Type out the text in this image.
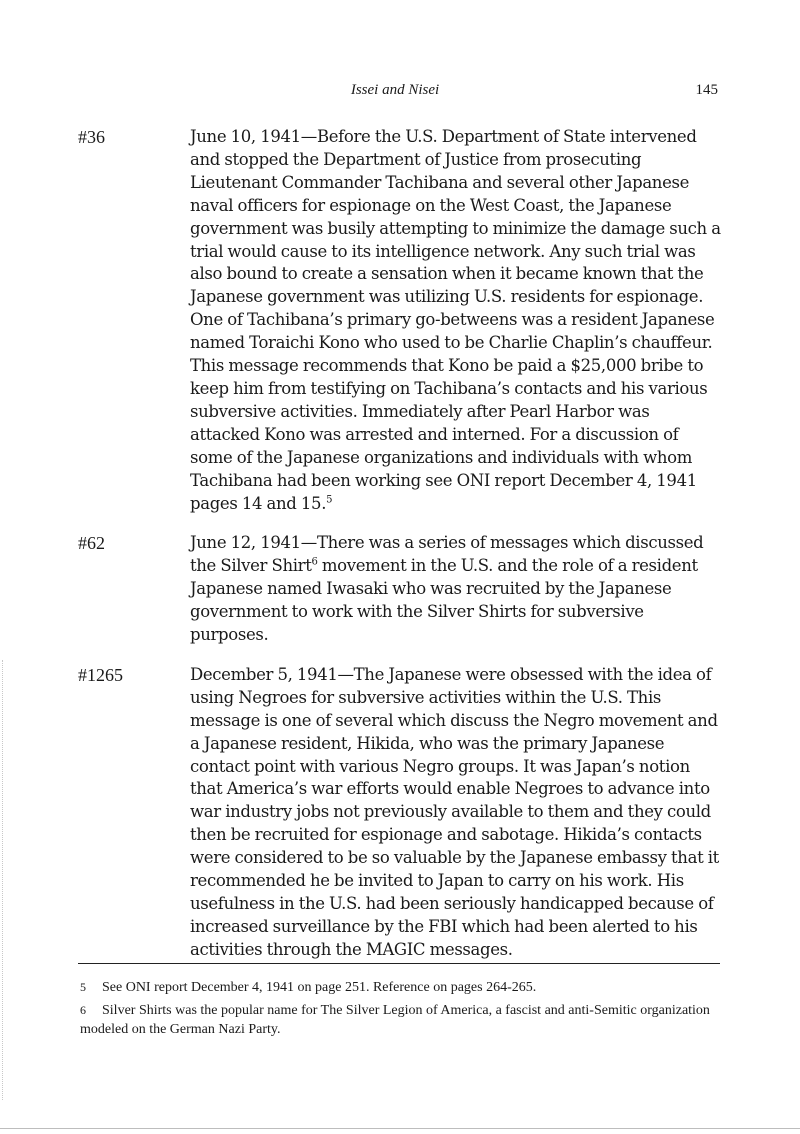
Issei and Nisei	145
#36	June 10, 1941—Before the U.S. Department of State intervened and stopped the Department of Justice from prosecuting Lieutenant Commander Tachibana and several other Japanese naval officers for espionage on the West Coast, the Japanese government was busily attempting to minimize the damage such a trial would cause to its intelligence network. Any such trial was also bound to create a sensation when it became known that the Japanese government was utilizing U.S. residents for espionage. One of Tachibana’s primary go-betweens was a resident Japanese named Toraichi Kono who used to be Charlie Chaplin’s chauffeur. This message recommends that Kono be paid a $25,000 bribe to keep him from testifying on Tachibana’s contacts and his various subversive activities. Immediately after Pearl Harbor was attacked Kono was arrested and interned. For a discussion of some of the Japanese organizations and individuals with whom Tachibana had been working see ONI report December 4, 1941 pages 14 and 15.$^5$
#62	June 12, 1941—There was a series of messages which discussed the Silver Shirt$^6$ movement in the U.S. and the role of a resident Japanese named Iwasaki who was recruited by the Japanese government to work with the Silver Shirts for subversive purposes.
#1265	December 5, 1941—The Japanese were obsessed with the idea of using Negroes for subversive activities within the U.S. This message is one of several which discuss the Negro movement and a Japanese resident, Hikida, who was the primary Japanese contact point with various Negro groups. It was Japan’s notion that America’s war efforts would enable Negroes to advance into war industry jobs not previously available to them and they could then be recruited for espionage and sabotage. Hikida’s contacts were considered to be so valuable by the Japanese embassy that it recommended he be invited to Japan to carry on his work. His usefulness in the U.S. had been seriously handicapped because of increased surveillance by the FBI which had been alerted to his activities through the MAGIC messages.
5 See ONI report December 4, 1941 on page 251. Reference on pages 264-265.
6 Silver Shirts was the popular name for The Silver Legion of America, a fascist and anti-Semitic organization modeled on the German Nazi Party.
